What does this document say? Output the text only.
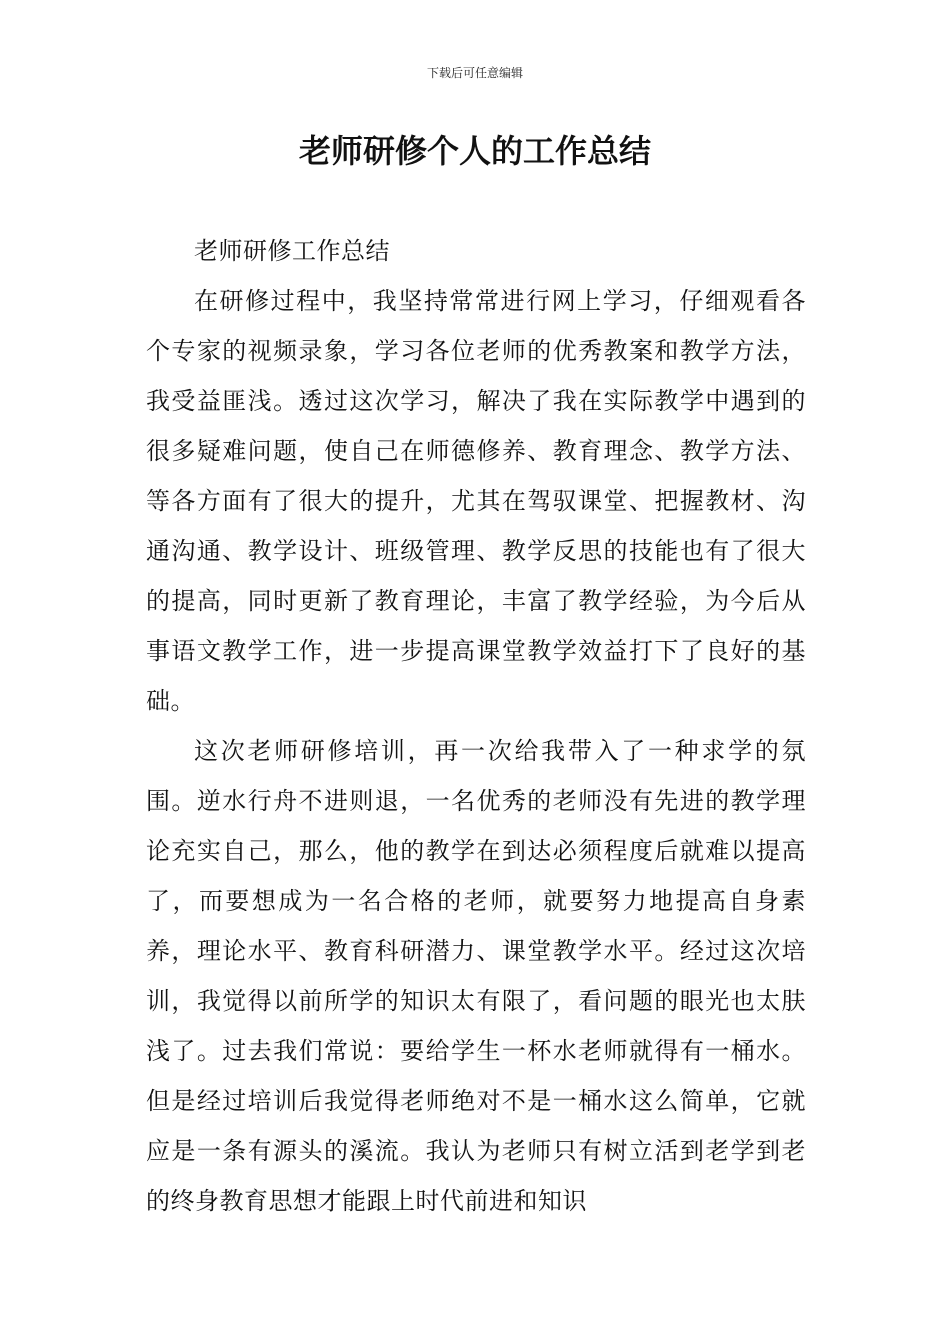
下载后可任意编辑
老师研修个人的工作总结

老师研修工作总结

在研修过程中，我坚持常常进行网上学习，仔细观看各个专家的视频录象，学习各位老师的优秀教案和教学方法，我受益匪浅。透过这次学习，解决了我在实际教学中遇到的很多疑难问题，使自己在师德修养、教育理念、教学方法、等各方面有了很大的提升，尤其在驾驭课堂、把握教材、沟通沟通、教学设计、班级管理、教学反思的技能也有了很大的提高，同时更新了教育理论，丰富了教学经验，为今后从事语文教学工作，进一步提高课堂教学效益打下了良好的基础。

这次老师研修培训，再一次给我带入了一种求学的氛围。逆水行舟不进则退，一名优秀的老师没有先进的教学理论充实自己，那么，他的教学在到达必须程度后就难以提高了，而要想成为一名合格的老师，就要努力地提高自身素养，理论水平、教育科研潜力、课堂教学水平。经过这次培训，我觉得以前所学的知识太有限了，看问题的眼光也太肤浅了。过去我们常说：要给学生一杯水老师就得有一桶水。但是经过培训后我觉得老师绝对不是一桶水这么简单，它就应是一条有源头的溪流。我认为老师只有树立活到老学到老的终身教育思想才能跟上时代前进和知识
